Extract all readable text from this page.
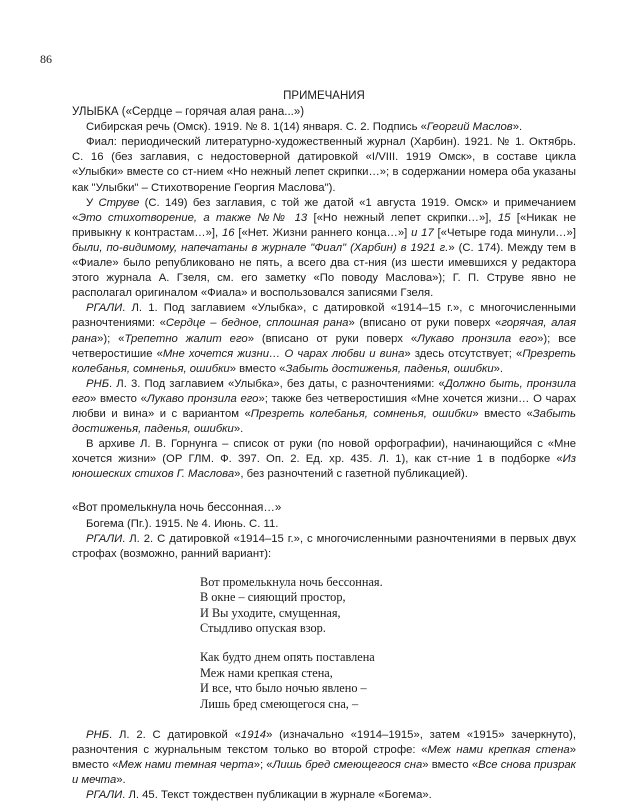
86
ПРИМЕЧАНИЯ
УЛЫБКА («Сердце – горячая алая рана...»)

Сибирская речь (Омск). 1919. № 8. 1(14) января. С. 2. Подпись «Георгий Маслов».

Фиал: периодический литературно-художественный журнал (Харбин). 1921. № 1. Октябрь. С. 16 (без заглавия, с недостоверной датировкой «I/VIII. 1919 Омск», в составе цикла «Улыбки» вместе со ст-нием «Но нежный лепет скрипки…»; в содержании номера оба указаны как "Улыбки" – Стихотворение Георгия Маслова").

У Струве (С. 149) без заглавия, с той же датой «1 августа 1919. Омск» и примечанием «Это стихотворение, а также №№ 13 [«Но нежный лепет скрипки…»], 15 [«Никак не привыкну к контрастам…»], 16 [«Нет. Жизни раннего конца…»] и 17 [«Четыре года минули…»] были, по-видимому, напечатаны в журнале "Фиал" (Харбин) в 1921 г.» (С. 174). Между тем в «Фиале» было републиковано не пять, а всего два ст-ния (из шести имевшихся у редактора этого журнала А. Гзеля, см. его заметку «По поводу Маслова»); Г. П. Струве явно не располагал оригиналом «Фиала» и воспользовался записями Гзеля.

РГАЛИ. Л. 1. Под заглавием «Улыбка», с датировкой «1914–15 г.», с многочисленными разночтениями: «Сердце – бедное, сплошная рана» (вписано от руки поверх «горячая, алая рана»); «Трепетно жалит его» (вписано от руки поверх «Лукаво пронзила его»); все четверостишие «Мне хочется жизни… О чарах любви и вина» здесь отсутствует; «Презреть колебанья, сомненья, ошибки» вместо «Забыть достиженья, паденья, ошибки».

РНБ. Л. 3. Под заглавием «Улыбка», без даты, с разночтениями: «Должно быть, пронзила его» вместо «Лукаво пронзила его»; также без четверостишия «Мне хочется жизни… О чарах любви и вина» и с вариантом «Презреть колебанья, сомненья, ошибки» вместо «Забыть достиженья, паденья, ошибки».

В архиве Л. В. Горнунга – список от руки (по новой орфографии), начинающийся с «Мне хочется жизни» (ОР ГЛМ. Ф. 397. Оп. 2. Ед. хр. 435. Л. 1), как ст-ние 1 в подборке «Из юношеских стихов Г. Маслова», без разночтений с газетной публикацией).

«Вот промелькнула ночь бессонная…»

Богема (Пг.). 1915. № 4. Июнь. С. 11.

РГАЛИ. Л. 2. С датировкой «1914–15 г.», с многочисленными разночтениями в первых двух строфах (возможно, ранний вариант):

Вот промелькнула ночь бессонная.
В окне – сияющий простор,
И Вы уходите, смущенная,
Стыдливо опуская взор.
Как будто днем опять поставлена
Меж нами крепкая стена,
И все, что было ночью явлено –
Лишь бред смеющегося сна, –

РНБ. Л. 2. С датировкой «1914» (изначально «1914–1915», затем «1915» зачеркнуто), разночтения с журнальным текстом только во второй строфе: «Меж нами крепкая стена» вместо «Меж нами темная черта»; «Лишь бред смеющегося сна» вместо «Все снова призрак и мечта».

РГАЛИ. Л. 45. Текст тождествен публикации в журнале «Богема».
